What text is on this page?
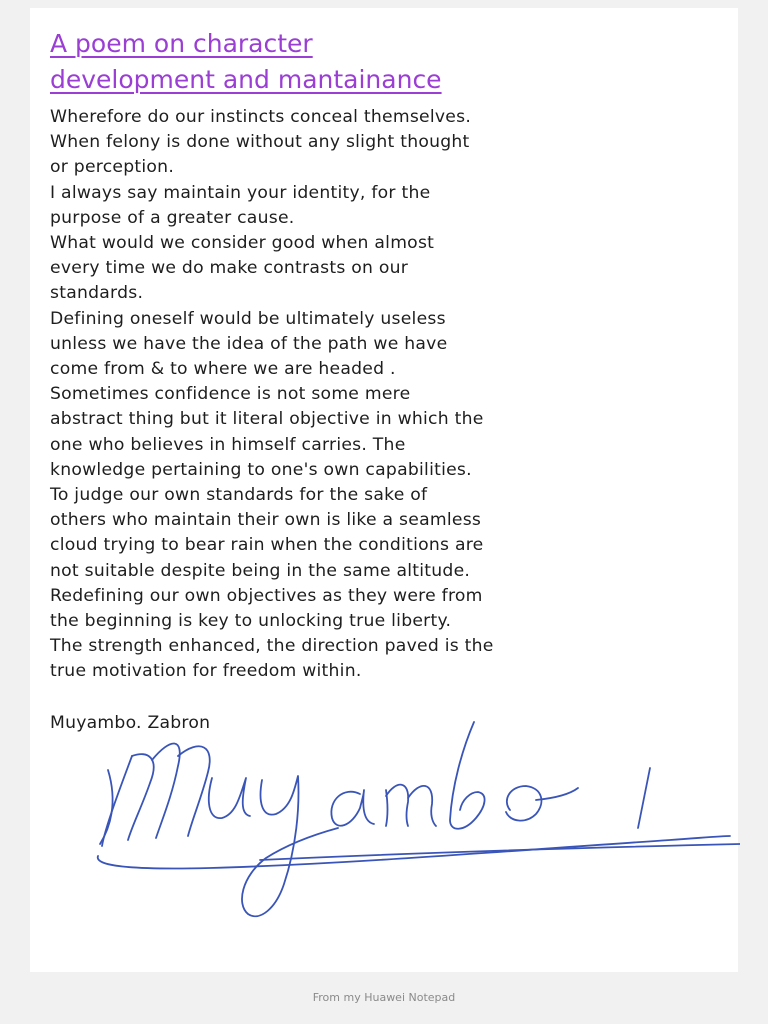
A poem on character
development and mantainance
Wherefore do our instincts conceal themselves.
When felony is done without any slight thought
or perception.
I always say maintain your identity, for the
purpose of a greater cause.
What would we consider good when almost
every time we do make contrasts on our
standards.
Defining oneself would be ultimately useless
unless we have the idea of the path we have
come from & to where we are headed .
Sometimes confidence is not some mere
abstract thing but it literal objective in which the
one who believes in himself carries. The
knowledge pertaining to one's own capabilities.
To judge our own standards for the sake of
others who maintain their own is like a seamless
cloud trying to bear rain when the conditions are
not suitable despite being in the same altitude.
Redefining our own objectives as they were from
the beginning is key to unlocking true liberty.
The strength enhanced, the direction paved is the
true motivation for freedom within.
Muyambo. Zabron
From my Huawei Notepad
